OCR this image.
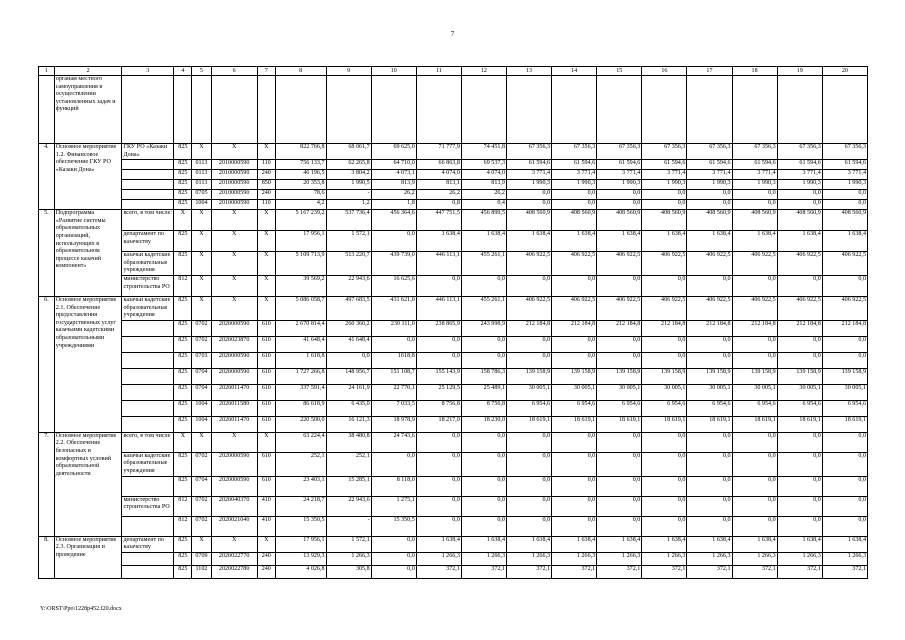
7
1	2	3	4	5	6	7	8	9	10	11	12	13	14	15	16	17	18	19	20
	органам местного самоуправления в осуществлении установленных задач и функций																		
4.	Основное мероприятие 1.2. Финансовое обеспечение ГКУ РО «Казаки Дона»	ГКУ РО «Казаки Дона»	825	X	X	X	822 766,8	68 061,7	69 625,0	71 777,9	74 451,8	67 356,3	67 356,3	67 356,3	67 356,3	67 356,3	67 356,3	67 356,3	67 356,3
			825	0113	2010000590	110	756 133,7	62 265,8	64 710,0	66 863,8	69 537,3	61 594,6	61 594,6	61 594,6	61 594,6	61 594,6	61 594,6	61 594,6	61 594,6
			825	0113	2010000590	240	46 196,5	3 804,2	4 073,1	4 074,0	4 074,0	3 771,4	3 771,4	3 771,4	3 771,4	3 771,4	3 771,4	3 771,4	3 771,4
			825	0113	2010000590	850	20 353,8	1 990,5	813,9	813,1	813,9	1 990,3	1 990,3	1 990,3	1 990,3	1 990,3	1 990,3	1 990,3	1 990,3
			825	0705	2010000590	240	78,6	-	26,2	26,2	26,2	0,0	0,0	0,0	0,0	0,0	0,0	0,0	0,0
			825	1004	2010000590	110	4,2	1,2	1,8	0,8	0,4	0,0	0,0	0,0	0,0	0,0	0,0	0,0	0,0
5.	Подпрограмма «Развитие системы образовательных организаций, использующих в образовательном процессе казачий компонент»	всего, в том числе:	X	X	X	X	5 167 239,2	537 736,4	456 364,6	447 751,5	456 899,5	408 560,9	408 560,9	408 560,9	408 560,9	408 560,9	408 560,9	408 560,9	408 560,9
		департамент по казачеству	825	X	X	X	17 956,1	1 572,1	0,0	1 638,4	1 638,4	1 638,4	1 638,4	1 638,4	1 638,4	1 638,4	1 638,4	1 638,4	1 638,4
		казачьи кадетские образовательные учреждения	825	X	X	X	5 109 713,9	513 220,7	439 739,0	446 113,1	455 261,1	406 922,5	406 922,5	406 922,5	406 922,5	406 922,5	406 922,5	406 922,5	406 922,5
		министерство строительства РО	812	X	X	X	39 569,2	22 943,6	16 625,6	0,0	0,0	0,0	0,0	0,0	0,0	0,0	0,0	0,0	0,0
6.	Основное мероприятие 2.1. Обеспечение предоставления государственных услуг казачьими кадетскими образовательными учреждениями	казачьи кадетские образовательные учреждения	825	X	X	X	5 086 058,7	497 683,5	431 621,0	446 113,1	455 261,1	406 922,5	406 922,5	406 922,5	406 922,5	406 922,5	406 922,5	406 922,5	406 922,5
			825	0702	2020000590	610	2 670 814,4	260 360,2	230 111,0	238 865,9	243 998,9	212 184,8	212 184,8	212 184,8	212 184,8	212 184,8	212 184,8	212 184,8	212 184,8
			825	0702	2020023870	610	41 648,4	41 648,4	0,0	0,0	0,0	0,0	0,0	0,0	0,0	0,0	0,0	0,0	0,0
			825	0703	2020000590	610	1 618,8	0,0	1618,8	0,0	0,0	0,0	0,0	0,0	0,0	0,0	0,0	0,0	0,0
			825	0704	2020000590	610	1 727 266,8	148 956,7	151 108,7	155 143,9	158 786,3	139 158,9	139 158,9	139 158,9	139 158,9	139 158,9	139 158,9	139 158,9	139 158,9
			825	0704	2020011470	610	337 591,4	24 161,9	22 770,1	25 129,5	25 489,1	30 005,1	30 005,1	30 005,1	30 005,1	30 005,1	30 005,1	30 005,1	30 005,1
			825	1004	2020011580	610	86 618,9	6 435,0	7 033,5	8 756,8	8 756,8	6 954,6	6 954,6	6 954,6	6 954,6	6 954,6	6 954,6	6 954,6	6 954,6
			825	1004	2020011470	610	220 500,0	16 121,3	18 978,9	18 217,0	18 230,0	18 619,1	18 619,1	18 619,1	18 619,1	18 619,1	18 619,1	18 619,1	18 619,1
7.	Основное мероприятие 2.2. Обеспечение безопасных и комфортных условий образовательной деятельности	всего, в том числе	X	X	X	X	63 224,4	38 480,8	24 743,6	0,0	0,0	0,0	0,0	0,0	0,0	0,0	0,0	0,0	0,0
		казачьи кадетские образовательные учреждения	825	0702	2020000590	610	252,1	252,1	0,0	0,0	0,0	0,0	0,0	0,0	0,0	0,0	0,0	0,0	0,0
			825	0704	2020000590	610	23 403,1	15 285,1	8 118,0	0,0	0,0	0,0	0,0	0,0	0,0	0,0	0,0	0,0	0,0
		министерство строительства РО	812	0702	2020040370	410	24 218,7	22 943,6	1 275,1	0,0	0,0	0,0	0,0	0,0	0,0	0,0	0,0	0,0	0,0
			812	0702	2020021040	410	15 350,5	-	15 350,5	0,0	0,0	0,0	0,0	0,0	0,0	0,0	0,0	0,0	0,0
8.	Основное мероприятие 2.3. Организация и проведение	департамент по казачеству	825	X	X	X	17 956,1	1 572,1	0,0	1 638,4	1 638,4	1 638,4	1 638,4	1 638,4	1 638,4	1 638,4	1 638,4	1 638,4	1 638,4
			825	0709	2020022770	240	13 929,3	1 266,3	0,0	1 266,3	1 266,3	1 266,3	1 266,3	1 266,3	1 266,3	1 266,3	1 266,3	1 266,3	1 266,3
			825	1102	2020022780	240	4 026,8	305,8	0,0	372,1	372,1	372,1	372,1	372,1	372,1	372,1	372,1	372,1	372,1
Y:\ORST\Ppo\1228p452.f20.docx
